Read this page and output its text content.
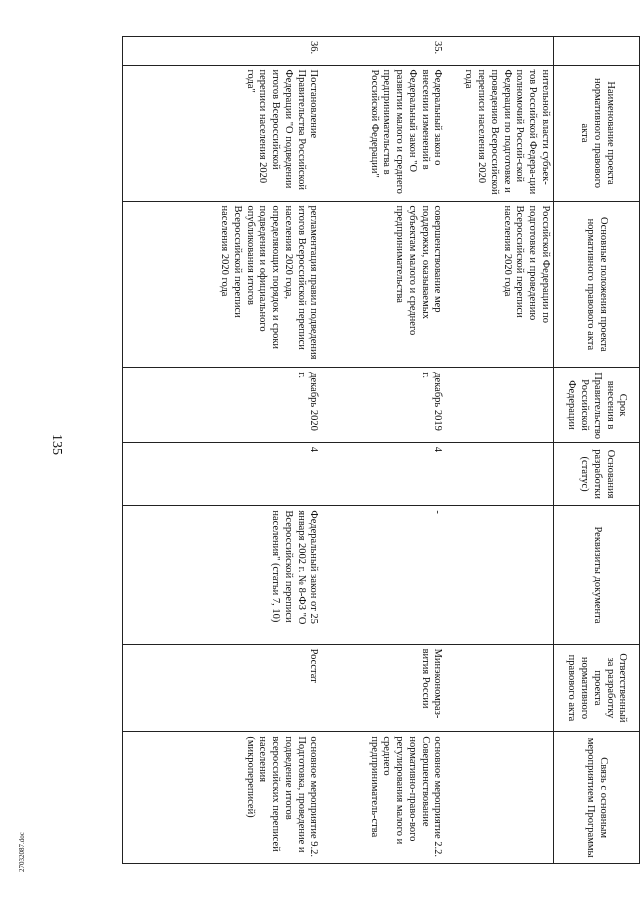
135
	Наименование проекта нормативного правового акта	Основные положения проекта нормативного правового акта	Срок внесения в Правительство Российской Федерации	Основания разработки (статус)	Реквизиты документа	Ответственный за разработку проекта нормативного правового акта	Связь с основным мероприятием Программы
	нительной власти субъек-тов Российской Федера-ции полномочий Россий-ской Федерации по подготовке и проведению Всероссийской переписи населения 2020 года	Российской Федерации по подготовке и проведению Всероссийской переписи населения 2020 года					
35.	Федеральный закон о внесении изменений в Федеральный закон "О развитии малого и среднего предпринимательства в Российской Федерации"	совершенствование мер поддержки, оказываемых субъектам малого и среднего предпринимательства	декабрь 2019 г.	4	-	Минэкономраз-вития России	основное мероприятие 2.2. Совершенствование нормативно-право-вого регулирования малого и среднего предприниматель-ства
36.	Постановление Правительства Российской Федерации "О подведении итогов Всероссийской переписи населения 2020 года"	регламентация правил подведения итогов Всероссийской переписи населения 2020 года, определяющих порядок и сроки подведения и официального опубликования итогов Всероссийской переписи населения 2020 года	декабрь 2020 г.	4	Федеральный закон от 25 января 2002 г. № 8-ФЗ "О Всероссийской переписи населения" (статьи 7, 10)	Росстат	основное мероприятие 9.2. Подготовка, проведение и подведение итогов всероссийских переписей населения (микропереписей)
27032087.doc
